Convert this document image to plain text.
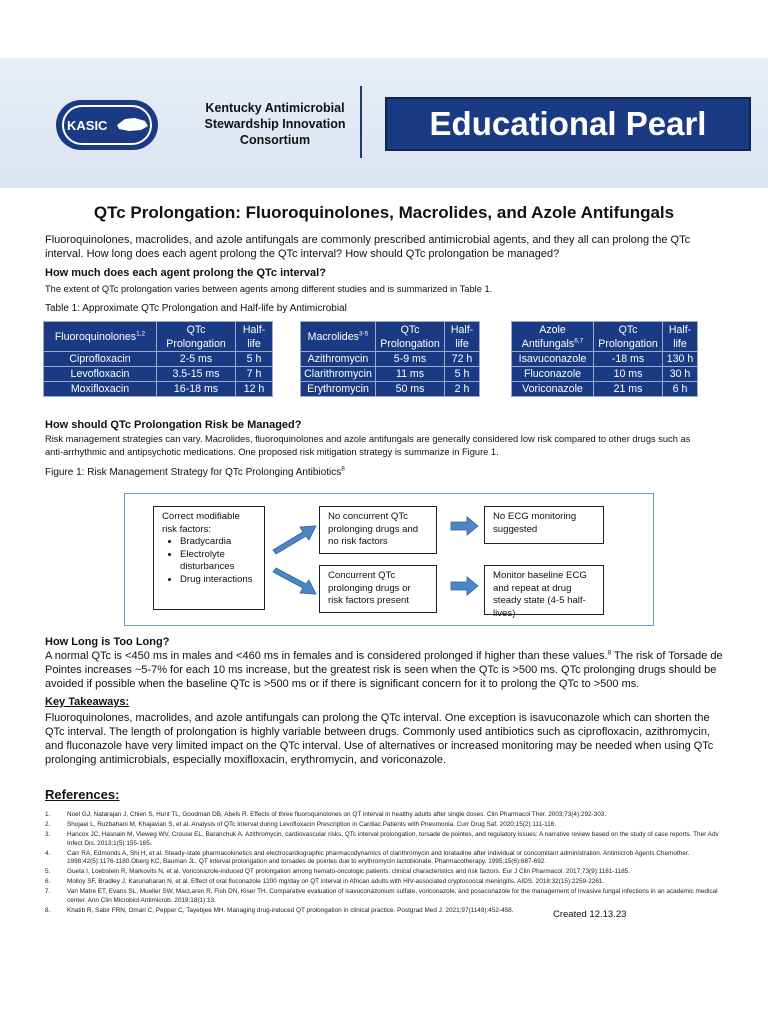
KASIC
Kentucky Antimicrobial
Stewardship Innovation
Consortium	Educational Pearl
QTc Prolongation: Fluoroquinolones, Macrolides, and Azole Antifungals
Fluoroquinolones, macrolides, and azole antifungals are commonly prescribed antimicrobial agents, and they all can prolong the QTc interval. How long does each agent prolong the QTc interval? How should QTc prolongation be managed?
How much does each agent prolong the QTc interval?
The extent of QTc prolongation varies between agents among different studies and is summarized in Table 1.
Table 1: Approximate QTc Prolongation and Half-life by Antimicrobial
Fluoroquinolones$^{1,2}$	QTc Prolongation	Half-life
Ciprofloxacin	2-5 ms	5 h
Levofloxacin	3.5-15 ms	7 h
Moxifloxacin	16-18 ms	12 h
Macrolides$^{3-5}$	QTc Prolongation	Half-life
Azithromycin	5-9 ms	72 h
Clarithromycin	11 ms	5 h
Erythromycin	50 ms	2 h
Azole Antifungals$^{6,7}$	QTc Prolongation	Half-life
Isavuconazole	-18 ms	130 h
Fluconazole	10 ms	30 h
Voriconazole	21 ms	6 h
How should QTc Prolongation Risk be Managed?
Risk management strategies can vary. Macrolides, fluoroquinolones and azole antifungals are generally considered low risk compared to other drugs such as anti-arrhythmic and antipsychotic medications. One proposed risk mitigation strategy is summarize in Figure 1.
Figure 1: Risk Management Strategy for QTc Prolonging Antibiotics$^8$
Correct modifiable risk factors:
• Bradycardia
• Electrolyte disturbances
• Drug interactions
No concurrent QTc prolonging drugs and no risk factors
Concurrent QTc prolonging drugs or risk factors present
No ECG monitoring suggested
Monitor baseline ECG and repeat at drug steady state (4-5 half-lives)
How Long is Too Long?
A normal QTc is <450 ms in males and <460 ms in females and is considered prolonged if higher than these values.$^8$ The risk of Torsade de Pointes increases ~5-7% for each 10 ms increase, but the greatest risk is seen when the QTc is >500 ms. QTc prolonging drugs should be avoided if possible when the baseline QTc is >500 ms or if there is significant concern for it to prolong the QTc to >500 ms.
Key Takeaways:
Fluoroquinolones, macrolides, and azole antifungals can prolong the QTc interval. One exception is isavuconazole which can shorten the QTc interval. The length of prolongation is highly variable between drugs. Commonly used antibiotics such as ciprofloxacin, azithromycin, and fluconazole have very limited impact on the QTc interval. Use of alternatives or increased monitoring may be needed when using QTc prolonging antimicrobials, especially moxifloxacin, erythromycin, and voriconazole.
References:
1.	Noel GJ, Natarajan J, Chien S, Hunt TL, Goodman DB, Abels R. Effects of three fluoroquinolones on QT interval in healthy adults after single doses. Clin Pharmacol Ther. 2003;73(4):292-303.
2.	Shojaei L, Ruzbahani M, Khajavian S, et al. Analysis of QTc Interval during Levofloxacin Prescription in Cardiac Patients with Pneumonia. Curr Drug Saf. 2020;15(2):111-116.
3.	Hancox JC, Hasnain M, Vieweg WV, Crouse EL, Baranchuk A. Azithromycin, cardiovascular risks, QTc interval prolongation, torsade de pointes, and regulatory issues: A narrative review based on the study of case reports. Ther Adv Infect Dis. 2013;1(5):155-165.
4.	Carr RA, Edmonds A, Shi H, et al. Steady-state pharmacokinetics and electrocardiographic pharmacodynamics of clarithromycin and loratadine after individual or concomitant administration. Antimicrob Agents Chemother. 1998;42(5):1176-1180.Oberg KC, Bauman JL. QT interval prolongation and torsades de pointes due to erythromycin lactobionate. Pharmacotherapy. 1995;15(6):687-692.
5.	Gueta I, Loebstein R, Markovits N, et al. Voriconazole-induced QT prolongation among hemato-oncologic patients: clinical characteristics and risk factors. Eur J Clin Pharmacol. 2017;73(9):1181-1185.
6.	Molloy SF, Bradley J, Karunaharan N, et al. Effect of oral fluconazole 1200 mg/day on QT interval in African adults with HIV-associated cryptococcal meningitis. AIDS. 2018;32(15):2259-2261.
7.	Van Matre ET, Evans SL, Mueller SW, MacLaren R, Fish DN, Kiser TH. Comparative evaluation of isavuconazonium sulfate, voriconazole, and posaconazole for the management of invasive fungal infections in an academic medical center. Ann Clin Microbiol Antimicrob. 2019;18(1):13.
8.	Khatib R, Sabir FRN, Omari C, Pepper C, Tayebjee MH. Managing drug-induced QT prolongation in clinical practice. Postgrad Med J. 2021;97(1149):452-458.	Created 12.13.23
